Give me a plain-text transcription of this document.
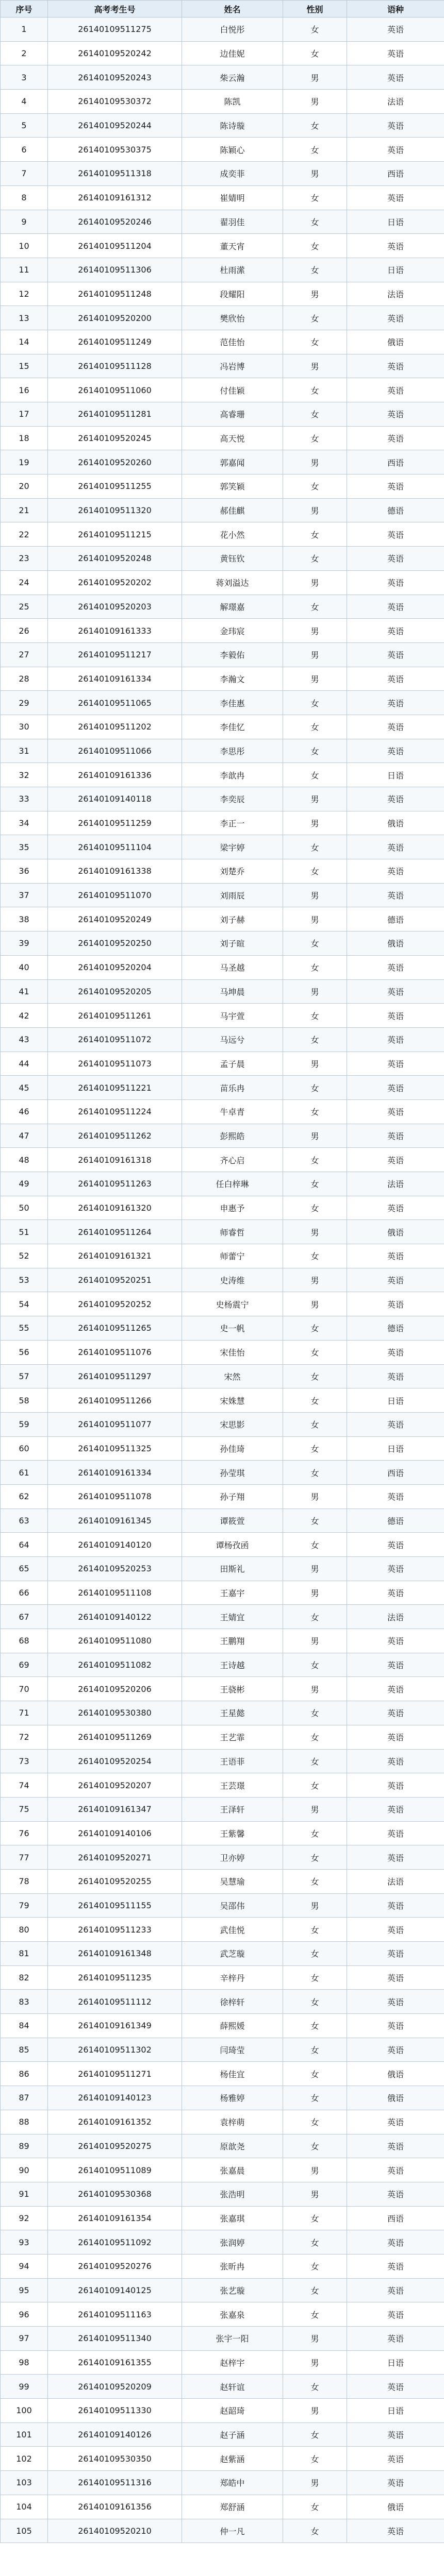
序号	高考考生号	姓名	性别	语种
1	26140109511275	白悦彤	女	英语
2	26140109520242	边佳妮	女	英语
3	26140109520243	柴云瀚	男	英语
4	26140109530372	陈凯	男	法语
5	26140109520244	陈诗璇	女	英语
6	26140109530375	陈颖心	女	英语
7	26140109511318	成奕菲	男	西语
8	26140109161312	崔婧明	女	英语
9	26140109520246	翟羽佳	女	日语
10	26140109511204	董天宵	女	英语
11	26140109511306	杜雨潆	女	日语
12	26140109511248	段耀阳	男	法语
13	26140109520200	樊欣怡	女	英语
14	26140109511249	范佳怡	女	俄语
15	26140109511128	冯岩博	男	英语
16	26140109511060	付佳颖	女	英语
17	26140109511281	高睿珊	女	英语
18	26140109520245	高天悦	女	英语
19	26140109520260	郭嘉闻	男	西语
20	26140109511255	郭笑颖	女	英语
21	26140109511320	郝佳麒	男	德语
22	26140109511215	花小然	女	英语
23	26140109520248	黄钰钦	女	英语
24	26140109520202	蒋刘溢达	男	英语
25	26140109520203	解璟嘉	女	英语
26	26140109161333	金玮宸	男	英语
27	26140109511217	李毅佑	男	英语
28	26140109161334	李瀚文	男	英语
29	26140109511065	李佳惠	女	英语
30	26140109511202	李佳忆	女	英语
31	26140109511066	李思彤	女	英语
32	26140109161336	李歆冉	女	日语
33	26140109140118	李奕辰	男	英语
34	26140109511259	李正一	男	俄语
35	26140109511104	梁宇婷	女	英语
36	26140109161338	刘楚乔	女	英语
37	26140109511070	刘雨辰	男	英语
38	26140109520249	刘子赫	男	德语
39	26140109520250	刘子暄	女	俄语
40	26140109520204	马圣越	女	英语
41	26140109520205	马坤晨	男	英语
42	26140109511261	马宇萱	女	英语
43	26140109511072	马远兮	女	英语
44	26140109511073	孟子晨	男	英语
45	26140109511221	苗乐冉	女	英语
46	26140109511224	牛卓青	女	英语
47	26140109511262	彭熙皓	男	英语
48	26140109161318	齐心启	女	英语
49	26140109511263	任白梓琳	女	法语
50	26140109161320	申惠予	女	英语
51	26140109511264	师睿哲	男	俄语
52	26140109161321	师蕾宁	女	英语
53	26140109520251	史涛维	男	英语
54	26140109520252	史杨震宁	男	英语
55	26140109511265	史一帆	女	德语
56	26140109511076	宋佳怡	女	英语
57	26140109511297	宋然	女	英语
58	26140109511266	宋姝慧	女	日语
59	26140109511077	宋思影	女	英语
60	26140109511325	孙佳琦	女	日语
61	26140109161334	孙莹琪	女	西语
62	26140109511078	孙子翔	男	英语
63	26140109161345	谭筱萱	女	德语
64	26140109140120	谭杨孜函	女	英语
65	26140109520253	田斯礼	男	英语
66	26140109511108	王嘉宇	男	英语
67	26140109140122	王婧宜	女	法语
68	26140109511080	王鹏翔	男	英语
69	26140109511082	王诗越	女	英语
70	26140109520206	王骁彬	男	英语
71	26140109530380	王星懿	女	英语
72	26140109511269	王艺霏	女	英语
73	26140109520254	王语菲	女	英语
74	26140109520207	王芸璟	女	英语
75	26140109161347	王泽轩	男	英语
76	26140109140106	王紫馨	女	英语
77	26140109520271	卫亦婷	女	英语
78	26140109520255	吴慧瑜	女	法语
79	26140109511155	吴邵伟	男	英语
80	26140109511233	武佳悦	女	英语
81	26140109161348	武芝璇	女	英语
82	26140109511235	辛梓丹	女	英语
83	26140109511112	徐梓轩	女	英语
84	26140109161349	薛熙媛	女	英语
85	26140109511302	闫琦莹	女	英语
86	26140109511271	杨佳宜	女	俄语
87	26140109140123	杨雅婷	女	俄语
88	26140109161352	袁梓萌	女	英语
89	26140109520275	原歆尧	女	英语
90	26140109511089	张嘉晨	男	英语
91	26140109530368	张浩明	男	英语
92	26140109161354	张嘉琪	女	西语
93	26140109511092	张润婷	女	英语
94	26140109520276	张昕冉	女	英语
95	26140109140125	张艺璇	女	英语
96	26140109511163	张嘉泉	女	英语
97	26140109511340	张宇一阳	男	英语
98	26140109161355	赵梓宇	男	日语
99	26140109520209	赵轩谊	女	英语
100	26140109511330	赵韶琦	男	日语
101	26140109140126	赵子涵	女	英语
102	26140109530350	赵紫涵	女	英语
103	26140109511316	郑皓中	男	英语
104	26140109161356	郑舒涵	女	俄语
105	26140109520210	仲一凡	女	英语
